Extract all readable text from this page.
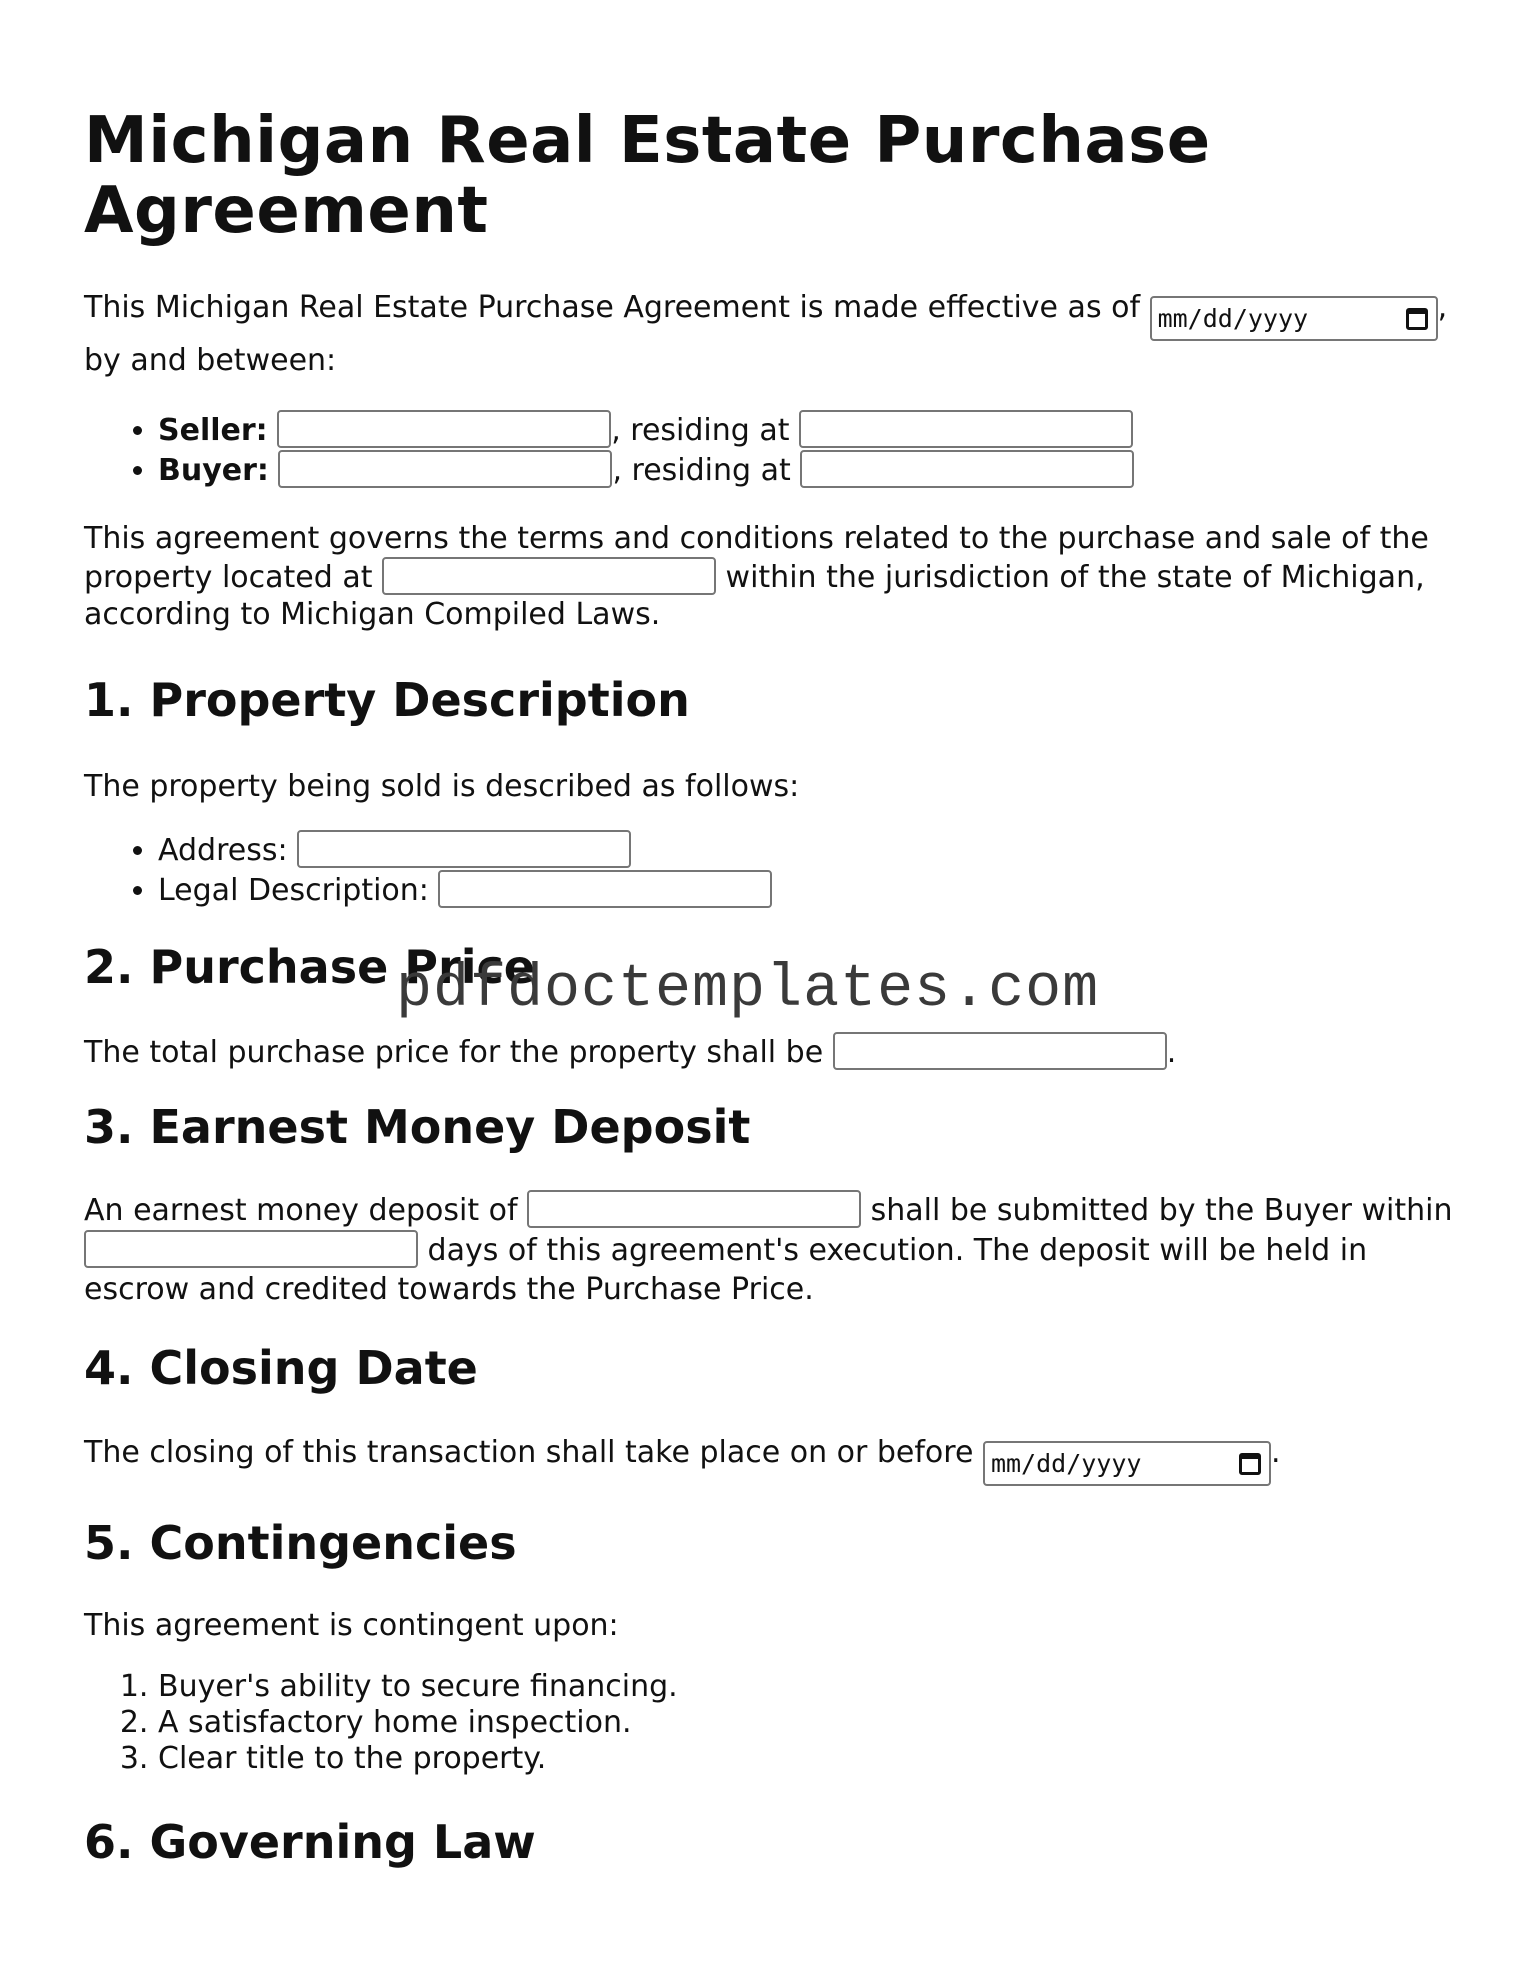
Michigan Real Estate Purchase Agreement

This Michigan Real Estate Purchase Agreement is made effective as of mm/dd/yyyy	, by and between:

• Seller:	, residing at
• Buyer:	, residing at

This agreement governs the terms and conditions related to the purchase and sale of the property located at	within the jurisdiction of the state of Michigan, according to Michigan Compiled Laws.

1. Property Description

The property being sold is described as follows:

• Address:
• Legal Description:
2. Purchase Price

The total purchase price for the property shall be	.

3. Earnest Money Deposit

An earnest money deposit of	shall be submitted by the Buyer within  days of this agreement's execution. The deposit will be held in escrow and credited towards the Purchase Price.

4. Closing Date

The closing of this transaction shall take place on or before mm/dd/yyyy	.

5. Contingencies

This agreement is contingent upon:

1. Buyer's ability to secure financing.
2. A satisfactory home inspection.
3. Clear title to the property.
6. Governing Law
pdfdoctemplates.com
